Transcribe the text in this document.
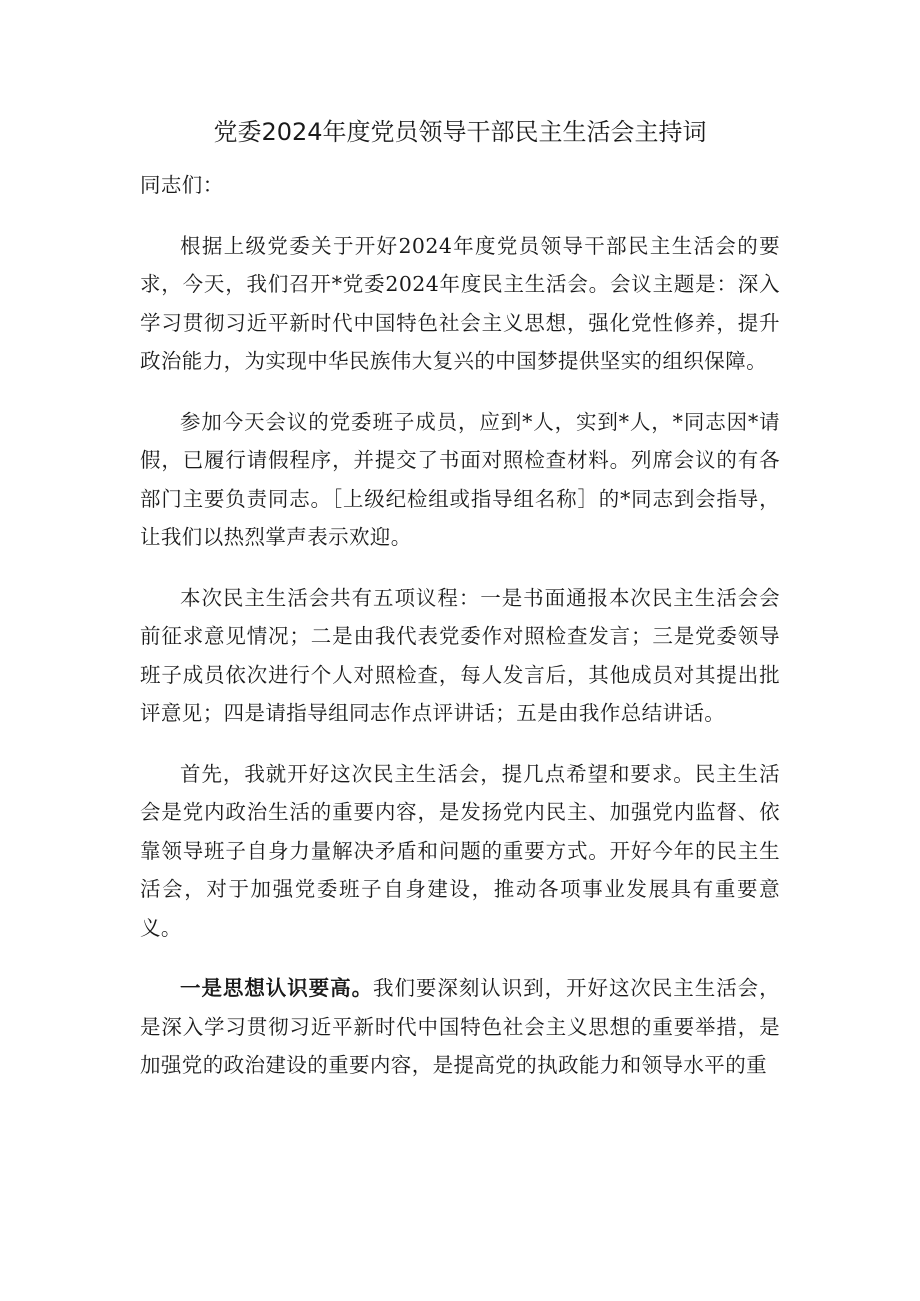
党委2024年度党员领导干部民主生活会主持词
同志们：
根据上级党委关于开好2024年度党员领导干部民主生活会的要求，今天，我们召开*党委2024年度民主生活会。会议主题是：深入学习贯彻习近平新时代中国特色社会主义思想，强化党性修养，提升政治能力，为实现中华民族伟大复兴的中国梦提供坚实的组织保障。
参加今天会议的党委班子成员，应到*人，实到*人，*同志因*请假，已履行请假程序，并提交了书面对照检查材料。列席会议的有各部门主要负责同志。［上级纪检组或指导组名称］的*同志到会指导，让我们以热烈掌声表示欢迎。
本次民主生活会共有五项议程：一是书面通报本次民主生活会会前征求意见情况；二是由我代表党委作对照检查发言；三是党委领导班子成员依次进行个人对照检查，每人发言后，其他成员对其提出批评意见；四是请指导组同志作点评讲话；五是由我作总结讲话。
首先，我就开好这次民主生活会，提几点希望和要求。民主生活会是党内政治生活的重要内容，是发扬党内民主、加强党内监督、依靠领导班子自身力量解决矛盾和问题的重要方式。开好今年的民主生活会，对于加强党委班子自身建设，推动各项事业发展具有重要意义。
一是思想认识要高。我们要深刻认识到，开好这次民主生活会，是深入学习贯彻习近平新时代中国特色社会主义思想的重要举措，是加强党的政治建设的重要内容，是提高党的执政能力和领导水平的重
